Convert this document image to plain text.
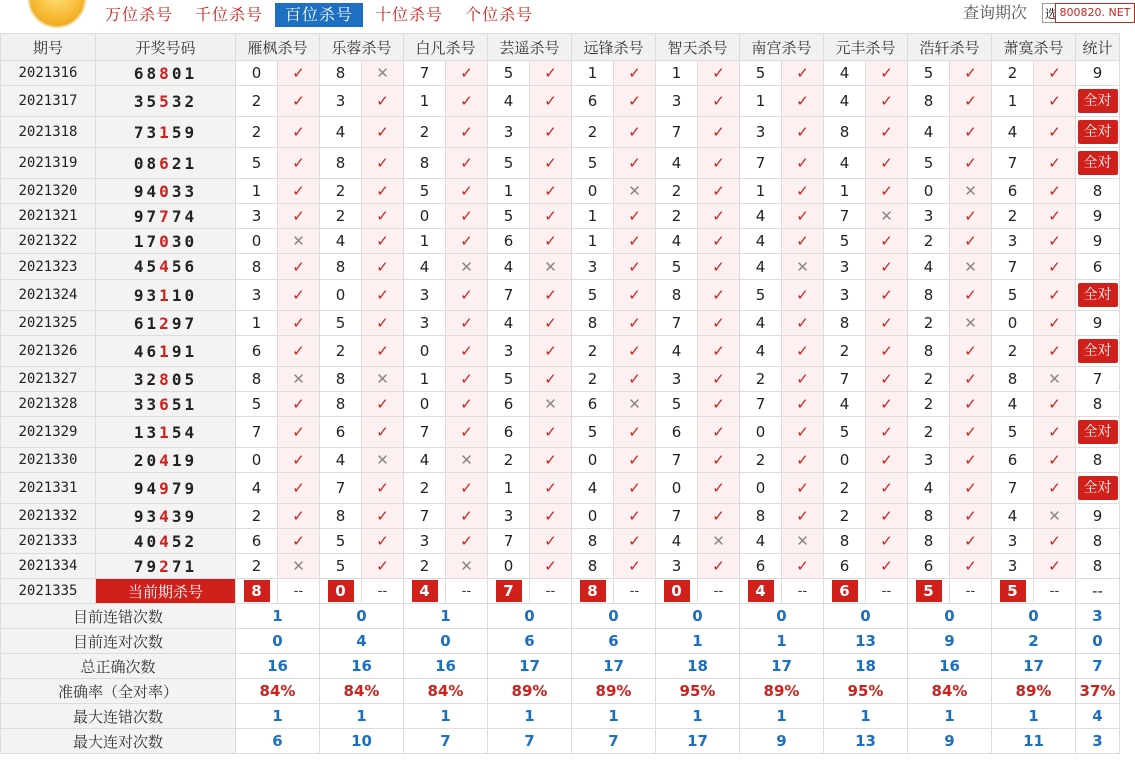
万位杀号	千位杀号	百位杀号	十位杀号	个位杀号	查询期次
选	800820. NET
期号	开奖号码	雁枫杀号		乐蓉杀号		白凡杀号		芸遥杀号		远锋杀号		智天杀号		南宫杀号		元丰杀号		浩轩杀号		萧寞杀号		统计
2021316	68801	0	✓	8	✕	7	✓	5	✓	1	✓	1	✓	5	✓	4	✓	5	✓	2	✓	9
2021317	35532	2	✓	3	✓	1	✓	4	✓	6	✓	3	✓	1	✓	4	✓	8	✓	1	✓	全对
2021318	73159	2	✓	4	✓	2	✓	3	✓	2	✓	7	✓	3	✓	8	✓	4	✓	4	✓	全对
2021319	08621	5	✓	8	✓	8	✓	5	✓	5	✓	4	✓	7	✓	4	✓	5	✓	7	✓	全对
2021320	94033	1	✓	2	✓	5	✓	1	✓	0	✕	2	✓	1	✓	1	✓	0	✕	6	✓	8
2021321	97774	3	✓	2	✓	0	✓	5	✓	1	✓	2	✓	4	✓	7	✕	3	✓	2	✓	9
2021322	17030	0	✕	4	✓	1	✓	6	✓	1	✓	4	✓	4	✓	5	✓	2	✓	3	✓	9
2021323	45456	8	✓	8	✓	4	✕	4	✕	3	✓	5	✓	4	✕	3	✓	4	✕	7	✓	6
2021324	93110	3	✓	0	✓	3	✓	7	✓	5	✓	8	✓	5	✓	3	✓	8	✓	5	✓	全对
2021325	61297	1	✓	5	✓	3	✓	4	✓	8	✓	7	✓	4	✓	8	✓	2	✕	0	✓	9
2021326	46191	6	✓	2	✓	0	✓	3	✓	2	✓	4	✓	4	✓	2	✓	8	✓	2	✓	全对
2021327	32805	8	✕	8	✕	1	✓	5	✓	2	✓	3	✓	2	✓	7	✓	2	✓	8	✕	7
2021328	33651	5	✓	8	✓	0	✓	6	✕	6	✕	5	✓	7	✓	4	✓	2	✓	4	✓	8
2021329	13154	7	✓	6	✓	7	✓	6	✓	5	✓	6	✓	0	✓	5	✓	2	✓	5	✓	全对
2021330	20419	0	✓	4	✕	4	✕	2	✓	0	✓	7	✓	2	✓	0	✓	3	✓	6	✓	8
2021331	94979	4	✓	7	✓	2	✓	1	✓	4	✓	0	✓	0	✓	2	✓	4	✓	7	✓	全对
2021332	93439	2	✓	8	✓	7	✓	3	✓	0	✓	7	✓	8	✓	2	✓	8	✓	4	✕	9
2021333	40452	6	✓	5	✓	3	✓	7	✓	8	✓	4	✕	4	✕	8	✓	8	✓	3	✓	8
2021334	79271	2	✕	5	✓	2	✕	0	✓	8	✓	3	✓	6	✓	6	✓	6	✓	3	✓	8
2021335	当前期杀号	8	--	0	--	4	--	7	--	8	--	0	--	4	--	6	--	5	--	5	--	--
目前连错次数		1		0		1		0		0		0		0		0		0		0		3
目前连对次数		0		4		0		6		6		1		1		13		9		2		0
总正确次数		16		16		16		17		17		18		17		18		16		17		7
准确率（全对率）		84%		84%		84%		89%		89%		95%		89%		95%		84%		89%		37%
最大连错次数		1		1		1		1		1		1		1		1		1		1		4
最大连对次数		6		10		7		7		7		17		9		13		9		11		3
